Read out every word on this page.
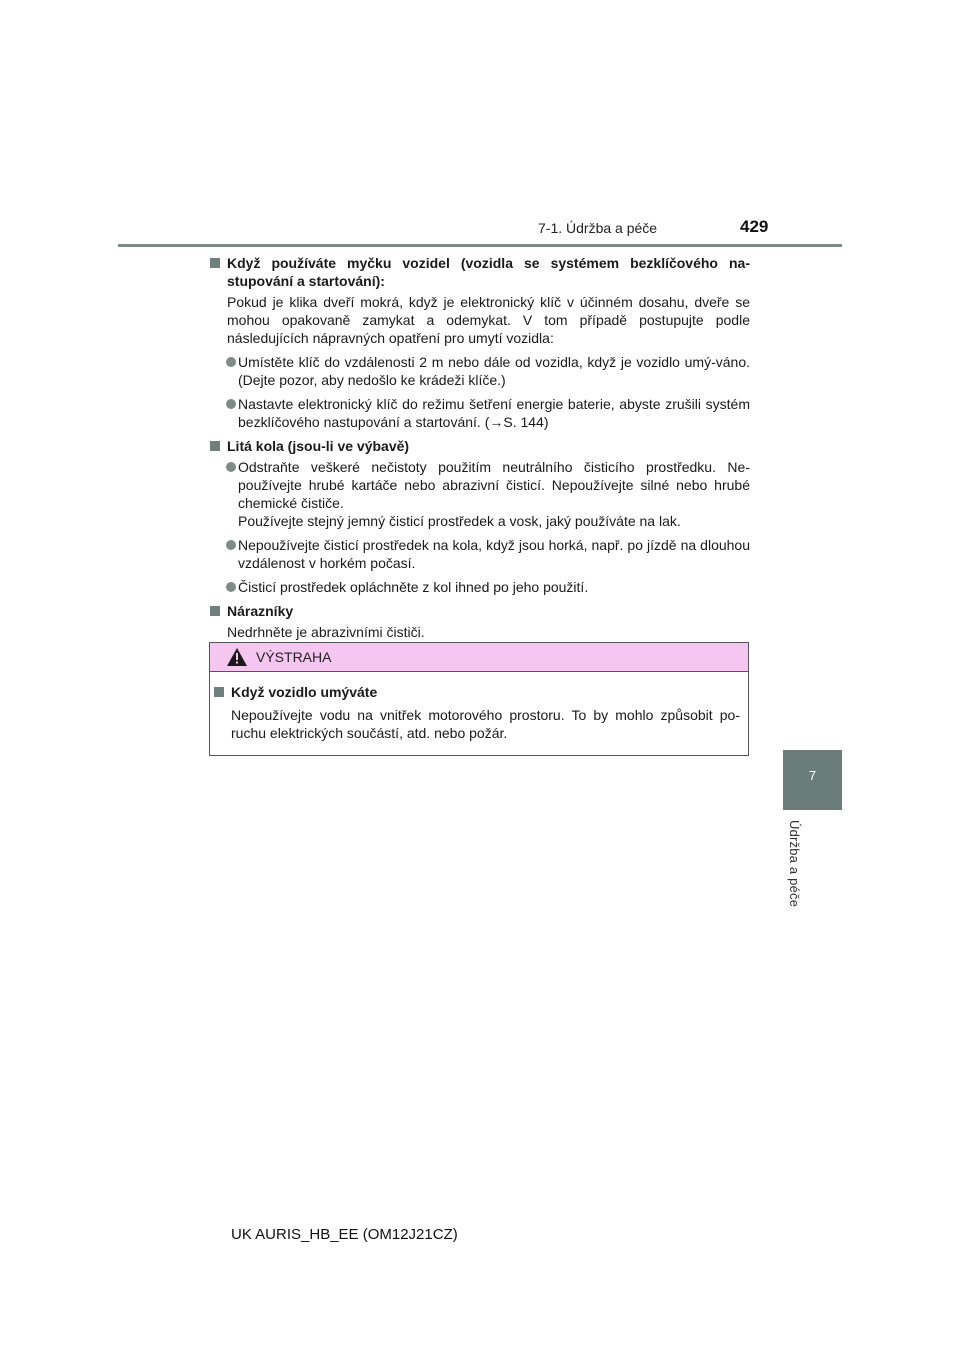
7-1. Údržba a péče	429
7
Údržba a péče
Když používáte myčku vozidel (vozidla se systémem bezklíčového na-stupování a startování):
Pokud je klika dveří mokrá, když je elektronický klíč v účinném dosahu, dveře se mohou opakovaně zamykat a odemykat. V tom případě postupujte podle následujících nápravných opatření pro umytí vozidla:
Umístěte klíč do vzdálenosti 2 m nebo dále od vozidla, když je vozidlo umý-váno. (Dejte pozor, aby nedošlo ke krádeži klíče.)
Nastavte elektronický klíč do režimu šetření energie baterie, abyste zrušili systém bezklíčového nastupování a startování. (→S. 144)
Litá kola (jsou-li ve výbavě)
Odstraňte veškeré nečistoty použitím neutrálního čisticího prostředku. Ne-používejte hrubé kartáče nebo abrazivní čisticí. Nepoužívejte silné nebo hrubé chemické čističe.
Používejte stejný jemný čisticí prostředek a vosk, jaký používáte na lak.
Nepoužívejte čisticí prostředek na kola, když jsou horká, např. po jízdě na dlouhou vzdálenost v horkém počasí.
Čisticí prostředek opláchněte z kol ihned po jeho použití.
Nárazníky
Nedrhněte je abrazivními čističi.
VÝSTRAHA
Když vozidlo umýváte
Nepoužívejte vodu na vnitřek motorového prostoru. To by mohlo způsobit po-ruchu elektrických součástí, atd. nebo požár.
UK AURIS_HB_EE (OM12J21CZ)
